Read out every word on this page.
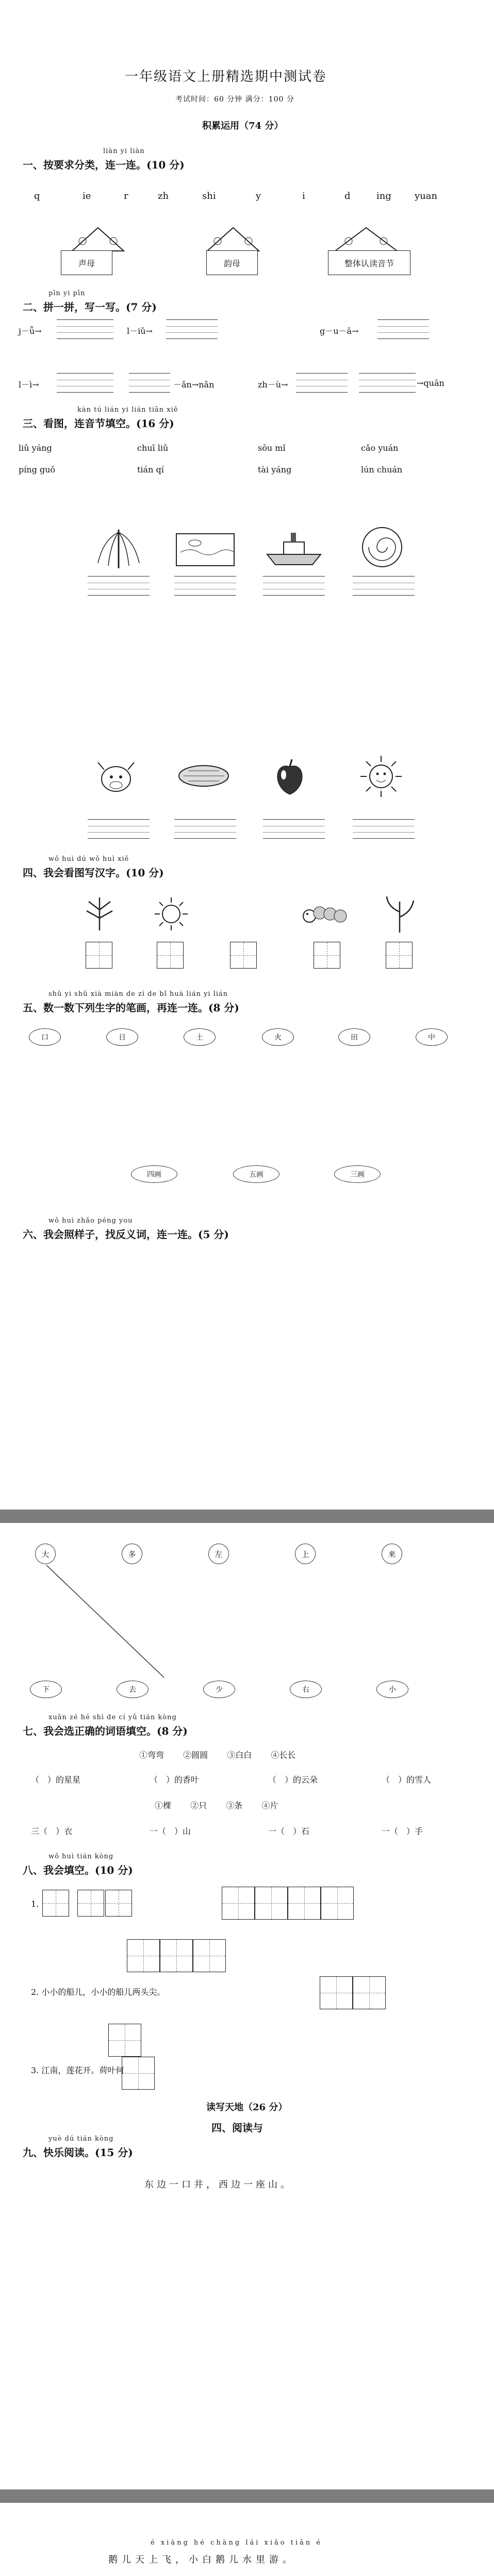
一年级语文上册精选期中测试卷
考试时间：60 分钟 满分：100 分
积累运用（74 分）
liàn yi liàn
一、按要求分类，连一连。(10 分)
q	ie	r	zh	shi	y	i	d	ing	yuan
声母	韵母	整体认读音节
pīn yi pīn
二、拼一拼，写一写。(7 分)
j－ǖ→	l－iǔ→	g－u－ā→
l－ì→	－ǎn→nǎn	zh－ù→	→quān
kàn tú lián yi lián tiān xiě
三、看图，连音节填空。(16 分)
liǔ yáng	chuī liǔ	sōu mǐ	cǎo yuán
píng guǒ	tián qí	tài yáng	lún chuán
wǒ huì dú wǒ huì xiě
四、我会看图写汉字。(10 分)
shǔ yi shǔ xià miàn de zì de bǐ huà lián yi lián
五、数一数下列生字的笔画，再连一连。(8 分)
口	日	土	火	田	中
四画	五画	三画
wǒ huì zhǎo péng you
六、我会照样子，找反义词，连一连。(5 分)
大	多	左	上	来
下	去	少	右	小
xuǎn zé hé shì de cí yǔ tián kòng
七、我会选正确的词语填空。(8 分)
①弯弯　　 ②圆圆　　 ③白白　　 ④长长
（　）的星星	（　）的香叶	（　）的云朵	（　）的雪人
①棵　　 ②只　　 ③条　　 ④片
三（　）衣	一（　）山	一（　）石	一（　）手
wǒ huì tián kòng
八、我会填空。(10 分)
1.
2. 小小的船儿，小小的船儿两头尖。
3. 江南，莲花开。荷叶何
读写天地（26 分）
四、阅读与
yuè dú tián kòng
九、快乐阅读。(15 分)
东边一口井，西边一座山。
é xiàng hé chàng lái xiǎo tiān é
鹅儿天上飞，小白鹅儿水里游。
